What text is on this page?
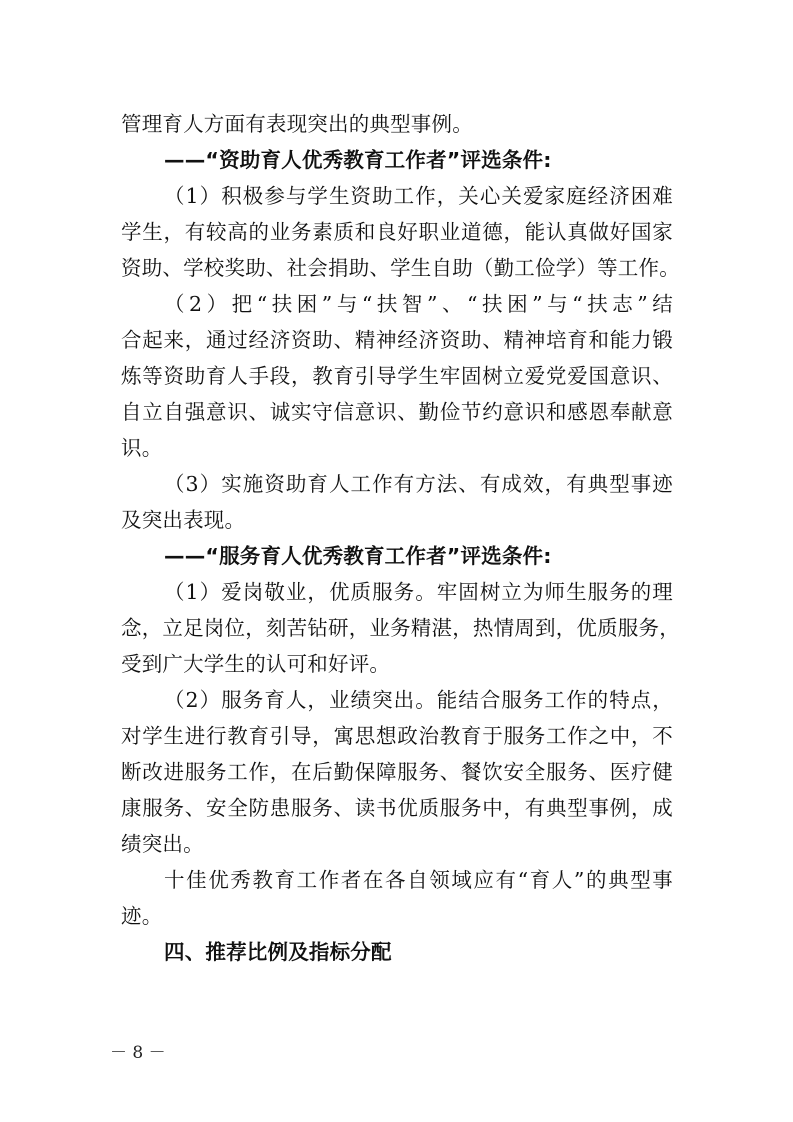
管理育人方面有表现突出的典型事例。
——“资助育人优秀教育工作者”评选条件:
（1）积极参与学生资助工作，关心关爱家庭经济困难
学生，有较高的业务素质和良好职业道德，能认真做好国家
资助、学校奖助、社会捐助、学生自助（勤工俭学）等工作。
（2）把“扶困”与“扶智”、“扶困”与“扶志”结
合起来，通过经济资助、精神经济资助、精神培育和能力锻
炼等资助育人手段，教育引导学生牢固树立爱党爱国意识、
自立自强意识、诚实守信意识、勤俭节约意识和感恩奉献意
识。
（3）实施资助育人工作有方法、有成效，有典型事迹
及突出表现。
——“服务育人优秀教育工作者”评选条件:
（1）爱岗敬业，优质服务。牢固树立为师生服务的理
念，立足岗位，刻苦钻研，业务精湛，热情周到，优质服务，
受到广大学生的认可和好评。
（2）服务育人，业绩突出。能结合服务工作的特点，
对学生进行教育引导，寓思想政治教育于服务工作之中，不
断改进服务工作，在后勤保障服务、餐饮安全服务、医疗健
康服务、安全防患服务、读书优质服务中，有典型事例，成
绩突出。
十佳优秀教育工作者在各自领域应有“育人”的典型事
迹。
四、推荐比例及指标分配
－ 8 －
